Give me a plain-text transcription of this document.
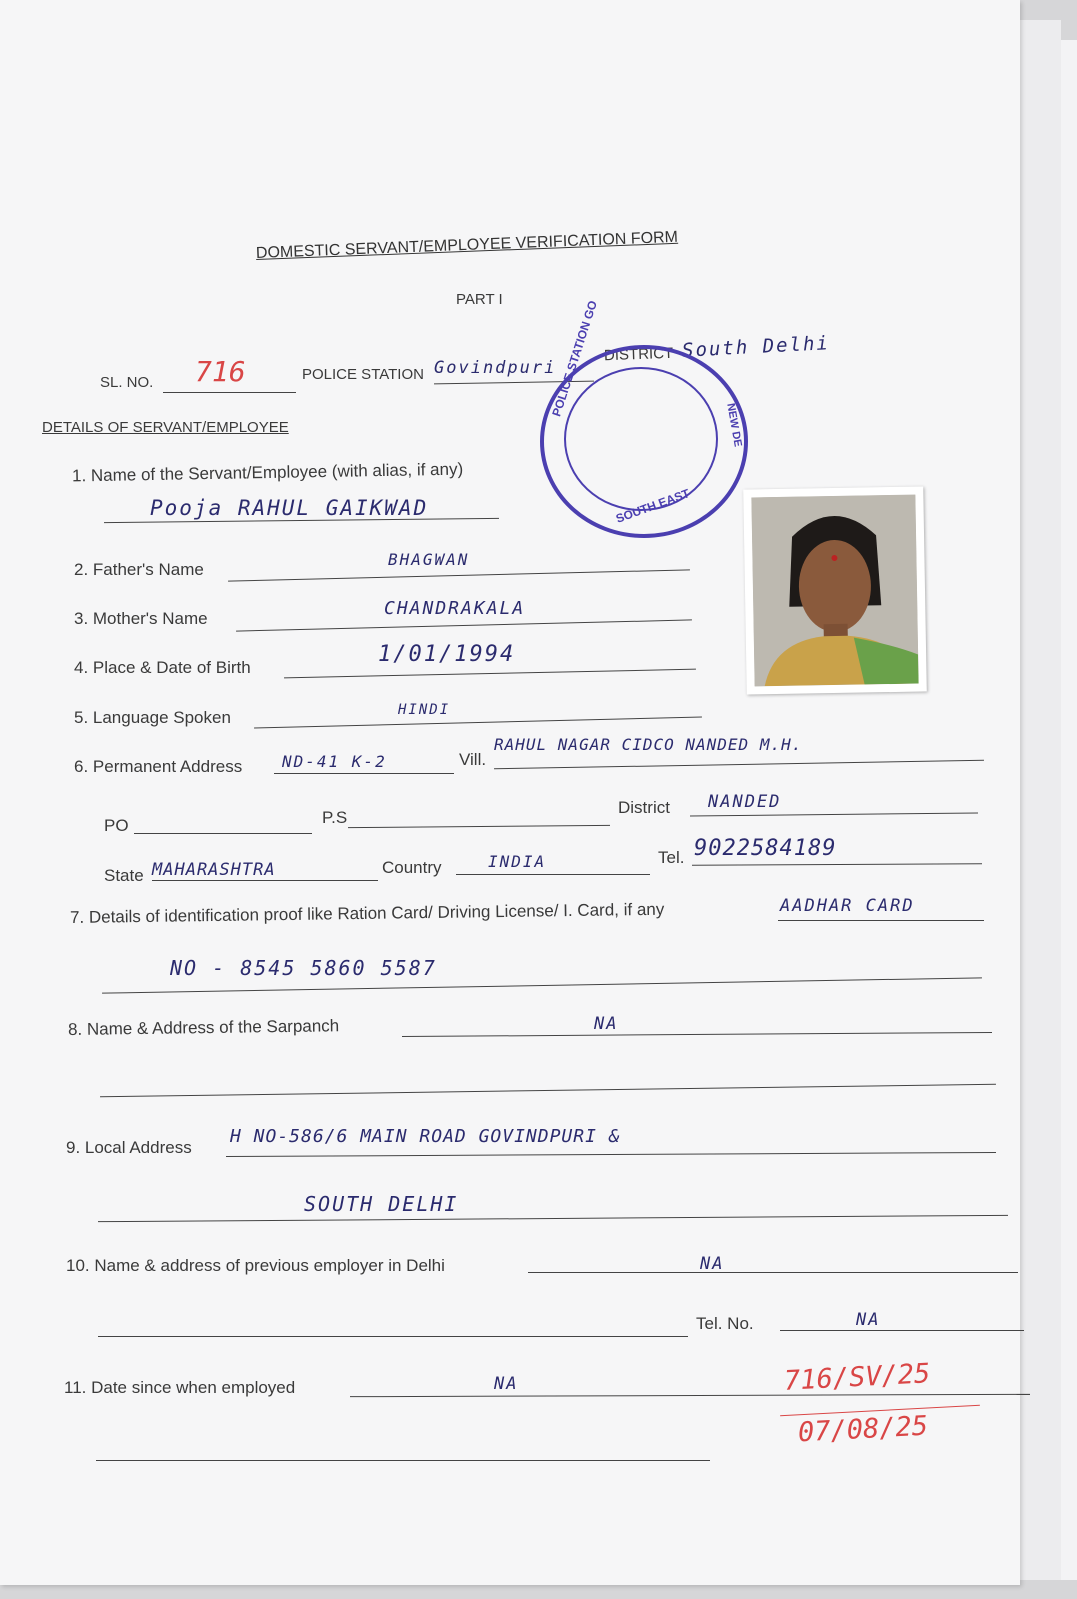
DOMESTIC SERVANT/EMPLOYEE VERIFICATION FORM
PART I
SL. NO. 716	POLICE STATION Govindpuri
DISTRICT South Delhi
DETAILS OF SERVANT/EMPLOYEE
POLICE STATION GO
SOUTH EAST
NEW DE
1. Name of the Servant/Employee (with alias, if any)
Pooja RAHUL GAIKWAD
2. Father's Name
BHAGWAN
3. Mother's Name	CHANDRAKALA
4. Place & Date of Birth
1/01/1994
5. Language Spoken	HINDI
6. Permanent Address ND-41 K-2	Vill.
RAHUL NAGAR CIDCO NANDED M.H.
PO	P.S
District NANDED
State MAHARASHTRA	Country	INDIA	Tel. 9022584189
7. Details of identification proof like Ration Card/ Driving License/ I. Card, if any	AADHAR CARD
NO - 8545 5860 5587
8. Name & Address of the Sarpanch	NA
9. Local Address
H NO-586/6 MAIN ROAD GOVINDPURI &
SOUTH DELHI
10. Name & address of previous employer in Delhi	NA
Tel. No.	NA
11. Date since when employed	NA	716/SV/25
07/08/25
